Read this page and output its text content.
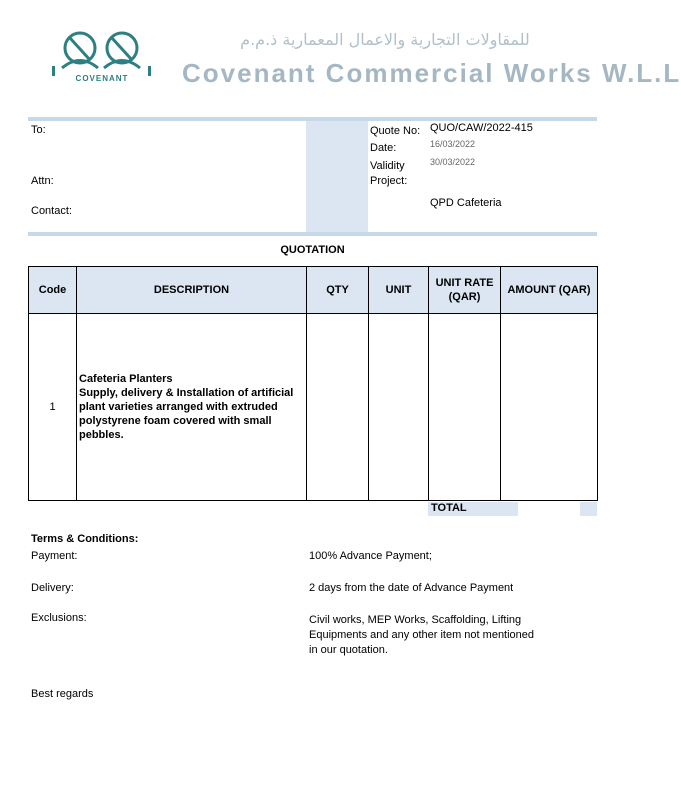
COVENANT
للمقاولات التجارية والاعمال المعمارية ذ.م.م
Covenant Commercial Works W.L.L
To:
Attn:
Contact:
Quote No: QUO/CAW/2022-415
Date:	16/03/2022
Validity	30/03/2022
Project:
QPD Cafeteria
QUOTATION
Code	DESCRIPTION	QTY	UNIT	UNIT RATE (QAR)	AMOUNT (QAR)
1	Cafeteria Planters
Supply, delivery & Installation of artificial
plant varieties arranged with extruded
polystyrene foam covered with small
pebbles.				

TOTAL
Terms & Conditions:
Payment:	100% Advance Payment;
Delivery:	2 days from the date of Advance Payment
Exclusions:	Civil works, MEP Works, Scaffolding, Lifting
Equipments and any other item not mentioned
in our quotation.
Best regards
